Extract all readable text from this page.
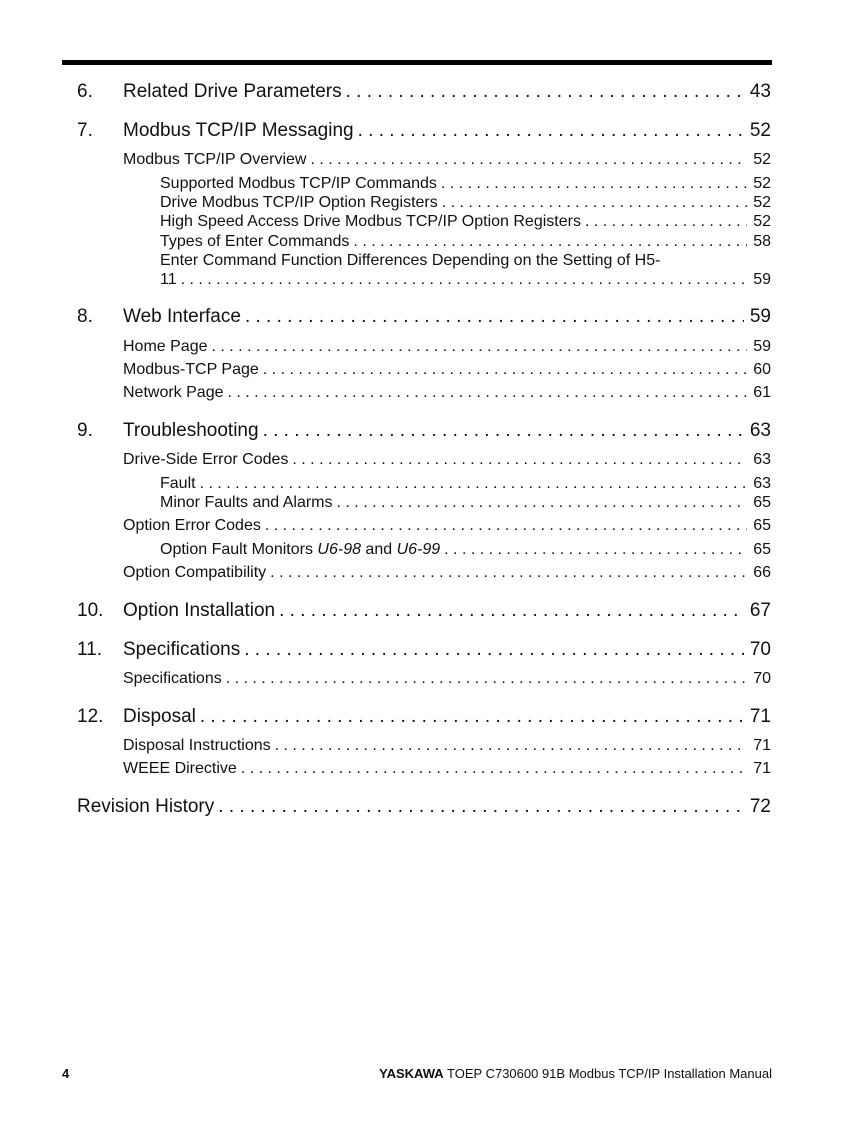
6. Related Drive Parameters . . .	43
7. Modbus TCP/IP Messaging . . .	52
Modbus TCP/IP Overview . . .	52
Supported Modbus TCP/IP Commands . . .	52
Drive Modbus TCP/IP Option Registers . . .	52
High Speed Access Drive Modbus TCP/IP Option Registers . . .	52
Types of Enter Commands . . .	58
Enter Command Function Differences Depending on the Setting of H5-
11 . . .	59
8. Web Interface . . .	59
Home Page . . .	59
Modbus-TCP Page . . .	60
Network Page . . .	61
9. Troubleshooting . . .	63
Drive-Side Error Codes . . .	63
Fault . . .	63
Minor Faults and Alarms . . .	65
Option Error Codes . . .	65
Option Fault Monitors U6-98 and U6-99 . . .	65
Option Compatibility . . .	66
10. Option Installation . . .	67
11. Specifications . . .	70
Specifications . . .	70
12. Disposal . . .	71
Disposal Instructions . . .	71
WEEE Directive . . .	71
Revision History . . .	72
4	YASKAWA TOEP C730600 91B Modbus TCP/IP Installation Manual
